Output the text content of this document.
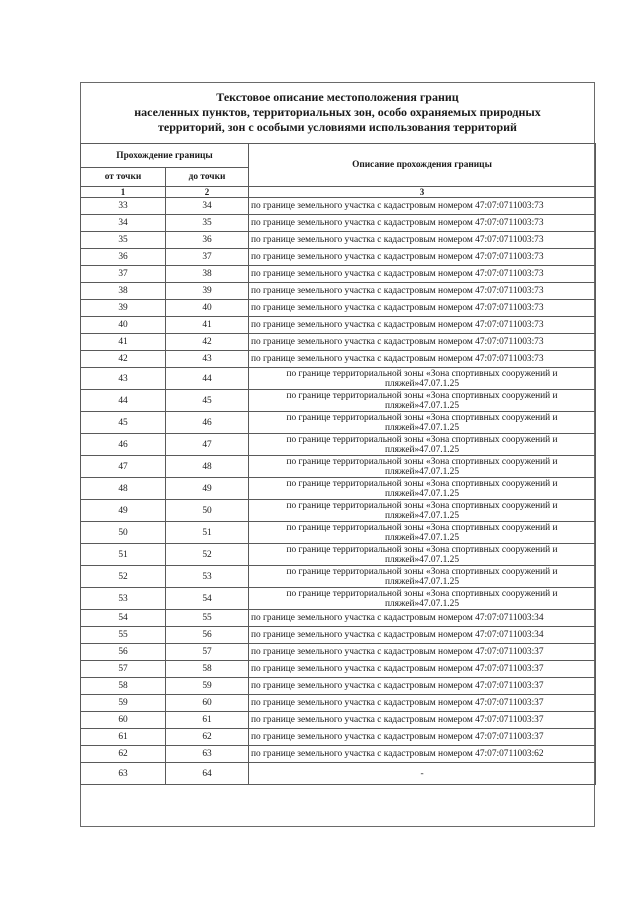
Текстовое описание местоположения границ
населенных пунктов, территориальных зон, особо охраняемых природных
территорий, зон с особыми условиями использования территорий
Прохождение границы		Описание прохождения границы
от точки	до точки	
1	2	3
33	34	по границе земельного участка с кадастровым номером 47:07:0711003:73
34	35	по границе земельного участка с кадастровым номером 47:07:0711003:73
35	36	по границе земельного участка с кадастровым номером 47:07:0711003:73
36	37	по границе земельного участка с кадастровым номером 47:07:0711003:73
37	38	по границе земельного участка с кадастровым номером 47:07:0711003:73
38	39	по границе земельного участка с кадастровым номером 47:07:0711003:73
39	40	по границе земельного участка с кадастровым номером 47:07:0711003:73
40	41	по границе земельного участка с кадастровым номером 47:07:0711003:73
41	42	по границе земельного участка с кадастровым номером 47:07:0711003:73
42	43	по границе земельного участка с кадастровым номером 47:07:0711003:73
43	44	по границе территориальной зоны «Зона спортивных сооружений и
пляжей»47.07.1.25

44	45	по границе территориальной зоны «Зона спортивных сооружений и
пляжей»47.07.1.25

45	46	по границе территориальной зоны «Зона спортивных сооружений и
пляжей»47.07.1.25

46	47	по границе территориальной зоны «Зона спортивных сооружений и
пляжей»47.07.1.25

47	48	по границе территориальной зоны «Зона спортивных сооружений и
пляжей»47.07.1.25

48	49	по границе территориальной зоны «Зона спортивных сооружений и
пляжей»47.07.1.25

49	50	по границе территориальной зоны «Зона спортивных сооружений и
пляжей»47.07.1.25

50	51	по границе территориальной зоны «Зона спортивных сооружений и
пляжей»47.07.1.25

51	52	по границе территориальной зоны «Зона спортивных сооружений и
пляжей»47.07.1.25

52	53	по границе территориальной зоны «Зона спортивных сооружений и
пляжей»47.07.1.25

53	54	по границе территориальной зоны «Зона спортивных сооружений и
пляжей»47.07.1.25

54	55	по границе земельного участка с кадастровым номером 47:07:0711003:34
55	56	по границе земельного участка с кадастровым номером 47:07:0711003:34
56	57	по границе земельного участка с кадастровым номером 47:07:0711003:37
57	58	по границе земельного участка с кадастровым номером 47:07:0711003:37
58	59	по границе земельного участка с кадастровым номером 47:07:0711003:37
59	60	по границе земельного участка с кадастровым номером 47:07:0711003:37
60	61	по границе земельного участка с кадастровым номером 47:07:0711003:37
61	62	по границе земельного участка с кадастровым номером 47:07:0711003:37
62	63	по границе земельного участка с кадастровым номером 47:07:0711003:62
63	64	-
